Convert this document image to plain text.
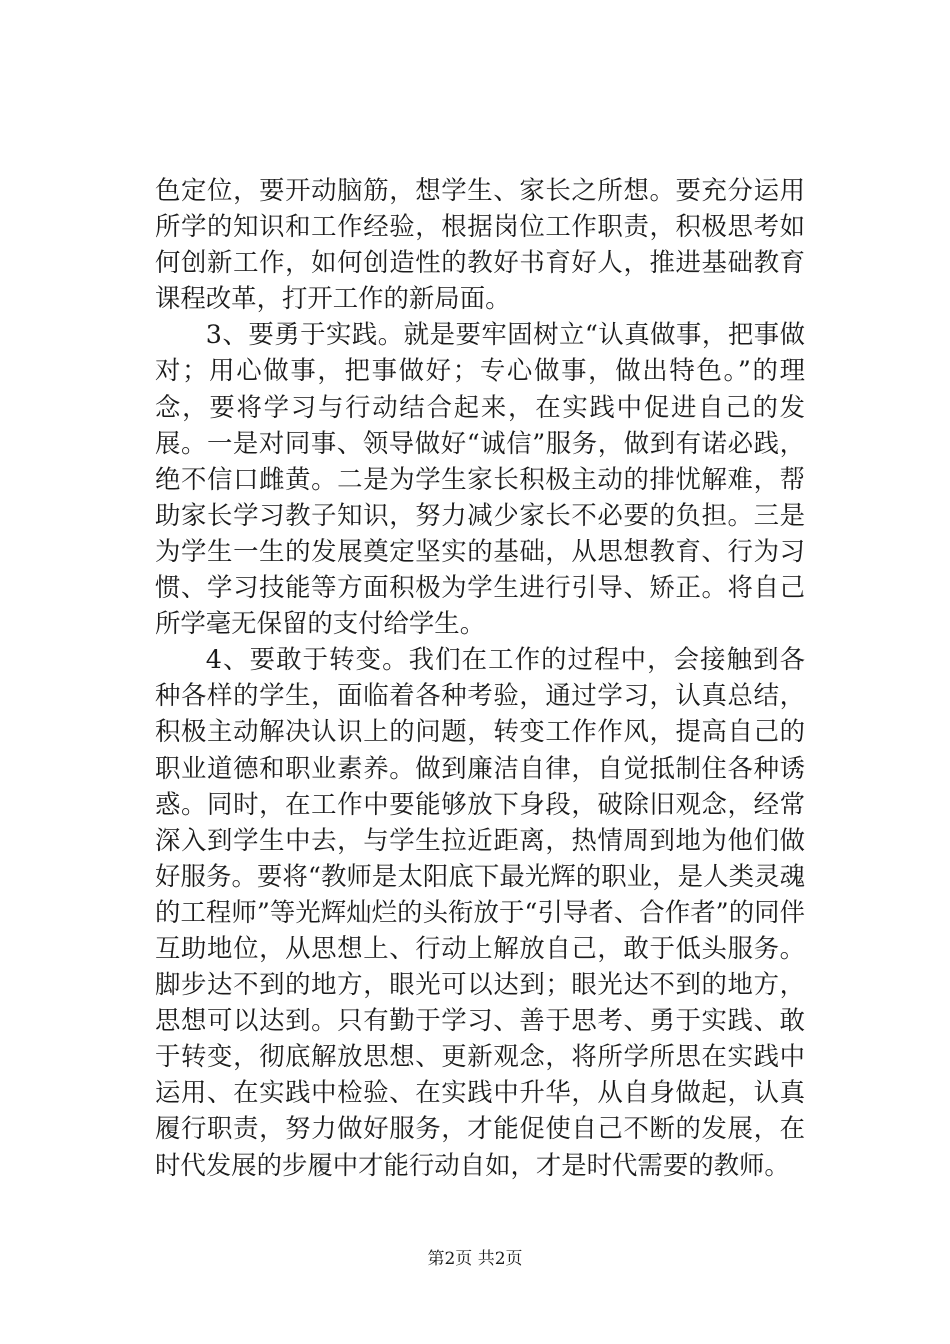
色定位，要开动脑筋，想学生、家长之所想。要充分运用所学的知识和工作经验，根据岗位工作职责，积极思考如何创新工作，如何创造性的教好书育好人，推进基础教育课程改革，打开工作的新局面。

3、要勇于实践。就是要牢固树立“认真做事，把事做对；用心做事，把事做好；专心做事，做出特色。”的理念，要将学习与行动结合起来，在实践中促进自己的发展。一是对同事、领导做好“诚信”服务，做到有诺必践，绝不信口雌黄。二是为学生家长积极主动的排忧解难，帮助家长学习教子知识，努力减少家长不必要的负担。三是为学生一生的发展奠定坚实的基础，从思想教育、行为习惯、学习技能等方面积极为学生进行引导、矫正。将自己所学毫无保留的支付给学生。

4、要敢于转变。我们在工作的过程中，会接触到各种各样的学生，面临着各种考验，通过学习，认真总结，积极主动解决认识上的问题，转变工作作风，提高自己的职业道德和职业素养。做到廉洁自律，自觉抵制住各种诱惑。同时，在工作中要能够放下身段，破除旧观念，经常深入到学生中去，与学生拉近距离，热情周到地为他们做好服务。要将“教师是太阳底下最光辉的职业，是人类灵魂的工程师”等光辉灿烂的头衔放于“引导者、合作者”的同伴互助地位，从思想上、行动上解放自己，敢于低头服务。脚步达不到的地方，眼光可以达到；眼光达不到的地方，思想可以达到。只有勤于学习、善于思考、勇于实践、敢于转变，彻底解放思想、更新观念，将所学所思在实践中运用、在实践中检验、在实践中升华，从自身做起，认真履行职责，努力做好服务，才能促使自己不断的发展，在时代发展的步履中才能行动自如，才是时代需要的教师。

第2页 共2页
